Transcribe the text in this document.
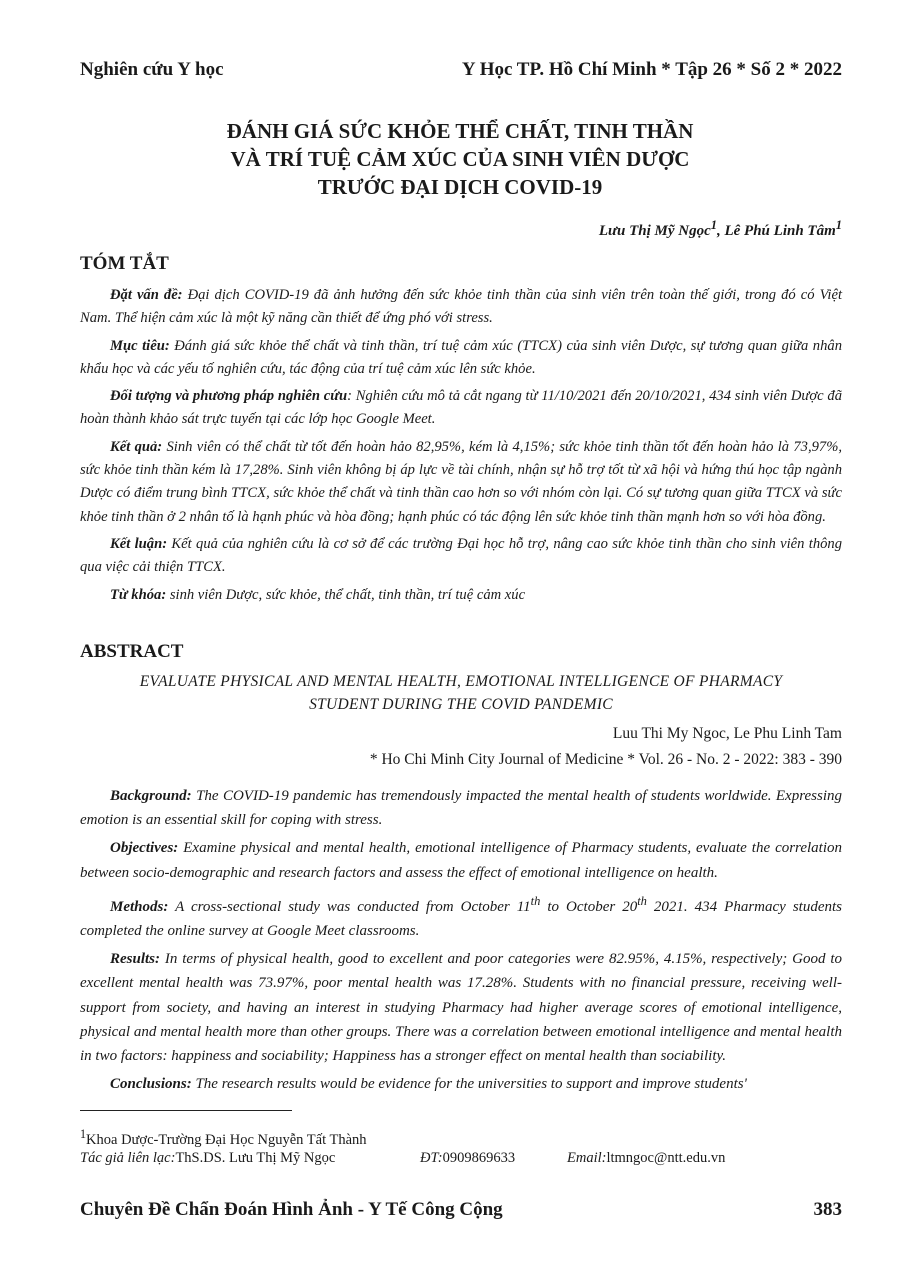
Nghiên cứu Y học	Y Học TP. Hồ Chí Minh * Tập 26 * Số 2 * 2022
ĐÁNH GIÁ SỨC KHỎE THỂ CHẤT, TINH THẦN
VÀ TRÍ TUỆ CẢM XÚC CỦA SINH VIÊN DƯỢC
TRƯỚC ĐẠI DỊCH COVID-19
Lưu Thị Mỹ Ngọc$^1$, Lê Phú Linh Tâm$^1$
TÓM TẮT

Đặt vấn đề: Đại dịch COVID-19 đã ảnh hưởng đến sức khỏe tinh thần của sinh viên trên toàn thế giới, trong đó có Việt Nam. Thể hiện cảm xúc là một kỹ năng cần thiết để ứng phó với stress.

Mục tiêu: Đánh giá sức khỏe thể chất và tinh thần, trí tuệ cảm xúc (TTCX) của sinh viên Dược, sự tương quan giữa nhân khẩu học và các yếu tố nghiên cứu, tác động của trí tuệ cảm xúc lên sức khỏe.

Đối tượng và phương pháp nghiên cứu: Nghiên cứu mô tả cắt ngang từ 11/10/2021 đến 20/10/2021, 434 sinh viên Dược đã hoàn thành khảo sát trực tuyến tại các lớp học Google Meet.

Kết quả: Sinh viên có thể chất từ tốt đến hoàn hảo 82,95%, kém là 4,15%; sức khỏe tinh thần tốt đến hoàn hảo là 73,97%, sức khỏe tinh thần kém là 17,28%. Sinh viên không bị áp lực về tài chính, nhận sự hỗ trợ tốt từ xã hội và hứng thú học tập ngành Dược có điểm trung bình TTCX, sức khỏe thể chất và tinh thần cao hơn so với nhóm còn lại. Có sự tương quan giữa TTCX và sức khỏe tinh thần ở 2 nhân tố là hạnh phúc và hòa đồng; hạnh phúc có tác động lên sức khỏe tinh thần mạnh hơn so với hòa đồng.

Kết luận: Kết quả của nghiên cứu là cơ sở để các trường Đại học hỗ trợ, nâng cao sức khỏe tinh thần cho sinh viên thông qua việc cải thiện TTCX.

Từ khóa: sinh viên Dược, sức khỏe, thể chất, tinh thần, trí tuệ cảm xúc

ABSTRACT
EVALUATE PHYSICAL AND MENTAL HEALTH, EMOTIONAL INTELLIGENCE OF PHARMACY
STUDENT DURING THE COVID PANDEMIC
Luu Thi My Ngoc, Le Phu Linh Tam
* Ho Chi Minh City Journal of Medicine * Vol. 26 - No. 2 - 2022: 383 - 390

Background: The COVID-19 pandemic has tremendously impacted the mental health of students worldwide. Expressing emotion is an essential skill for coping with stress.

Objectives: Examine physical and mental health, emotional intelligence of Pharmacy students, evaluate the correlation between socio-demographic and research factors and assess the effect of emotional intelligence on health.

Methods: A cross-sectional study was conducted from October 11th to October 20th 2021. 434 Pharmacy students completed the online survey at Google Meet classrooms.

Results: In terms of physical health, good to excellent and poor categories were 82.95%, 4.15%, respectively; Good to excellent mental health was 73.97%, poor mental health was 17.28%. Students with no financial pressure, receiving well-support from society, and having an interest in studying Pharmacy had higher average scores of emotional intelligence, physical and mental health more than other groups. There was a correlation between emotional intelligence and mental health in two factors: happiness and sociability; Happiness has a stronger effect on mental health than sociability.

Conclusions: The research results would be evidence for the universities to support and improve students'

$^1$Khoa Dược-Trường Đại Học Nguyễn Tất Thành
Tác giả liên lạc: ThS.DS. Lưu Thị Mỹ Ngọc	ĐT: 0909869633	Email: ltmngoc@ntt.edu.vn
Chuyên Đề Chẩn Đoán Hình Ảnh - Y Tế Công Cộng	383
